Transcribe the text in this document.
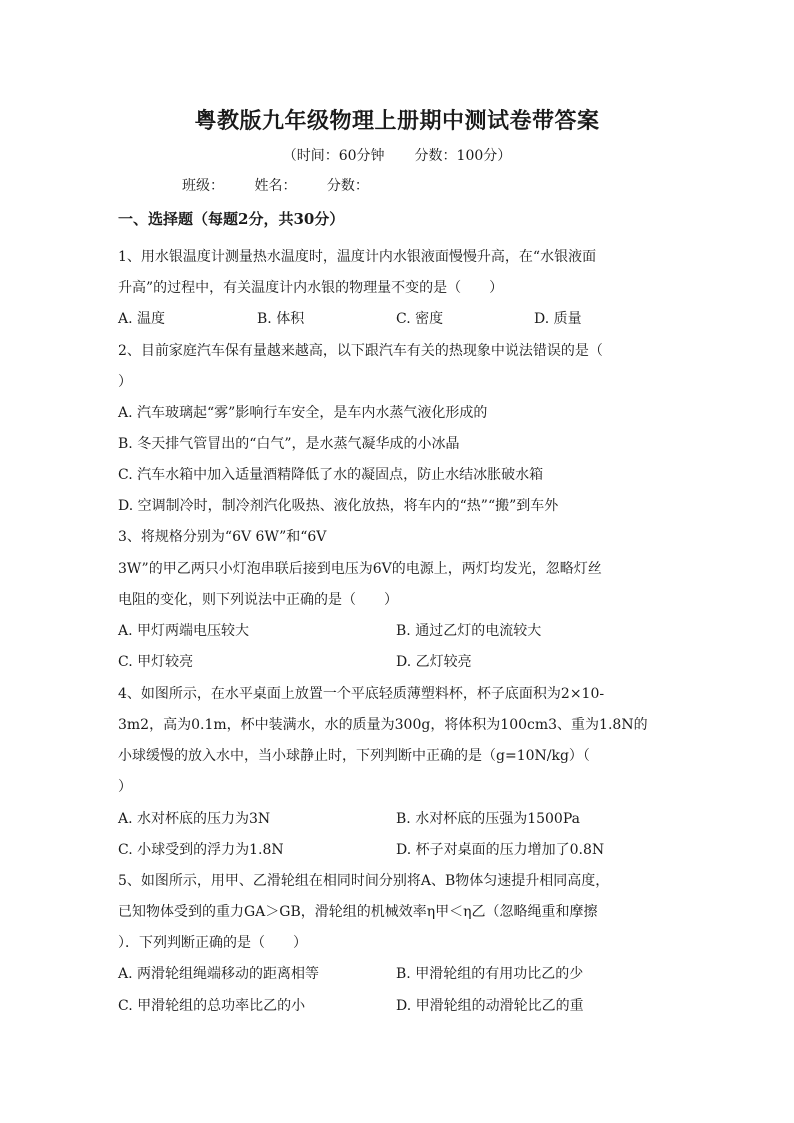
粤教版九年级物理上册期中测试卷带答案
（时间：60分钟 分数：100分）
班级： 姓名： 分数：
一、选择题（每题2分，共30分）
1、用水银温度计测量热水温度时，温度计内水银液面慢慢升高，在“水银液面
升高”的过程中，有关温度计内水银的物理量不变的是（　　）
A. 温度	B. 体积	C. 密度	D. 质量
2、目前家庭汽车保有量越来越高，以下跟汽车有关的热现象中说法错误的是（
）
A. 汽车玻璃起“雾”影响行车安全，是车内水蒸气液化形成的
B. 冬天排气管冒出的“白气”，是水蒸气凝华成的小冰晶
C. 汽车水箱中加入适量酒精降低了水的凝固点，防止水结冰胀破水箱
D. 空调制冷时，制冷剂汽化吸热、液化放热，将车内的“热”“搬”到车外
3、将规格分别为“6V 6W”和“6V
3W”的甲乙两只小灯泡串联后接到电压为6V的电源上，两灯均发光，忽略灯丝
电阻的变化，则下列说法中正确的是（　　）
A. 甲灯两端电压较大	B. 通过乙灯的电流较大
C. 甲灯较亮	D. 乙灯较亮
4、如图所示，在水平桌面上放置一个平底轻质薄塑料杯，杯子底面积为2×10-
3m2，高为0.1m，杯中装满水，水的质量为300g，将体积为100cm3、重为1.8N的
小球缓慢的放入水中，当小球静止时，下列判断中正确的是（g=10N/kg）（
）
A. 水对杯底的压力为3N	B. 水对杯底的压强为1500Pa
C. 小球受到的浮力为1.8N	D. 杯子对桌面的压力增加了0.8N
5、如图所示，用甲、乙滑轮组在相同时间分别将A、B物体匀速提升相同高度，
已知物体受到的重力GA＞GB，滑轮组的机械效率η甲＜η乙（忽略绳重和摩擦
）．下列判断正确的是（　　）
A. 两滑轮组绳端移动的距离相等	B. 甲滑轮组的有用功比乙的少
C. 甲滑轮组的总功率比乙的小	D. 甲滑轮组的动滑轮比乙的重
